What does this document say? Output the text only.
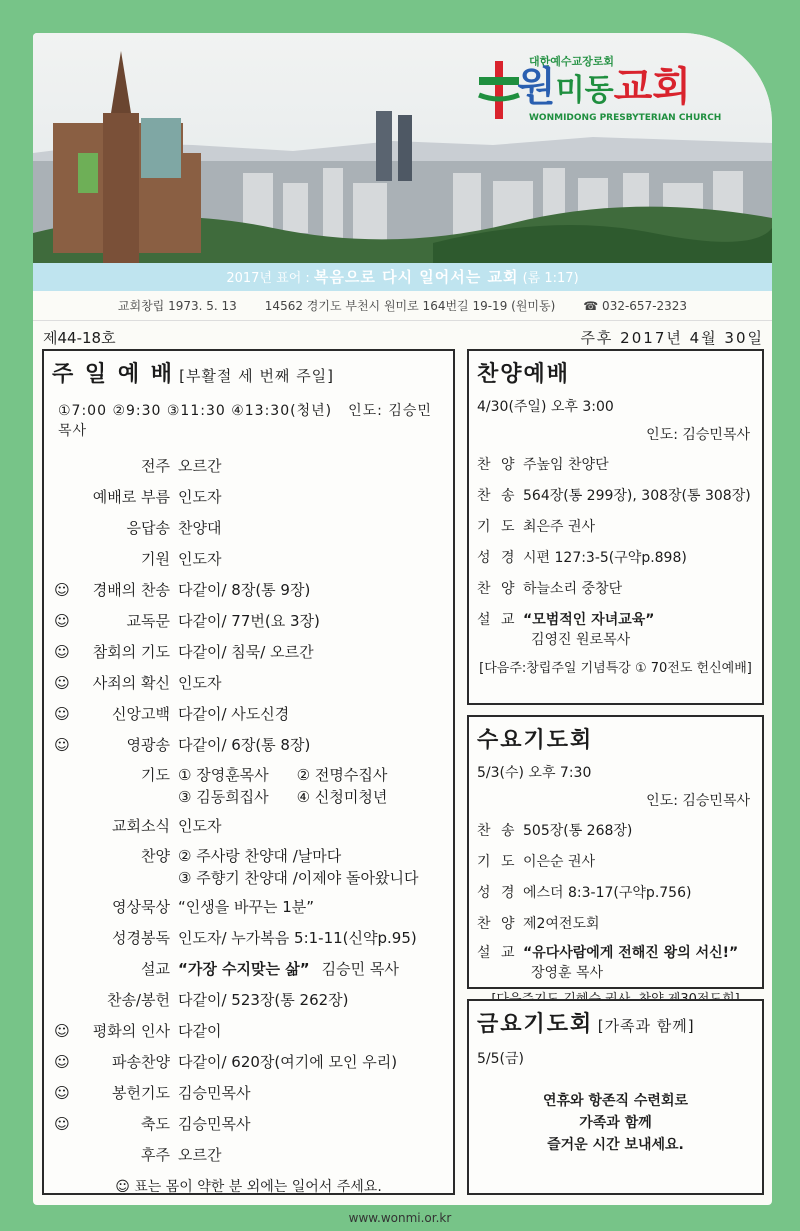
대한예수교장로회
원미동교회
WONMIDONG PRESBYTERIAN CHURCH
2017년 표어 : 복음으로 다시 일어서는 교회 (롬 1:17)
교회창립 1973. 5. 13 14562 경기도 부천시 원미로 164번길 19-19 (원미동) ☎ 032-657-2323
제44-18호	주후 2017년 4월 30일
주 일 예 배 [부활절 세 번째 주일]
①7:00 ②9:30 ③11:30 ④13:30(청년) 인도: 김승민목사
전주 오르간
예배로 부름 인도자
응답송 찬양대
기원 인도자
☺	경배의 찬송 다같이/ 8장(통 9장)
☺	교독문 다같이/ 77번(요 3장)
☺	참회의 기도 다같이/ 침묵/ 오르간
☺	사죄의 확신 인도자
☺	신앙고백 다같이/ 사도신경
☺	영광송 다같이/ 6장(통 8장)
기도 ① 장영훈목사 ② 전명수집사
③ 김동희집사 ④ 신청미청년
교회소식 인도자
찬양 ② 주사랑 찬양대 /날마다
③ 주향기 찬양대 /이제야 돌아왔니다
영상묵상 “인생을 바꾸는 1분”
성경봉독 인도자/ 누가복음 5:1-11(신약p.95)
설교 “가장 수지맞는 삶” 김승민 목사
찬송/봉헌 다같이/ 523장(통 262장)
☺	평화의 인사 다같이
☺	파송찬양 다같이/ 620장(여기에 모인 우리)
☺	봉헌기도 김승민목사
☺	축도 김승민목사
후주 오르간
☺ 표는 몸이 약한 분 외에는 일어서 주세요.
찬양예배
4/30(주일) 오후 3:00
인도: 김승민목사
찬 양 주높임 찬양단
찬 송 564장(통 299장), 308장(통 308장)
기 도 최은주 권사
성 경 시편 127:3-5(구약p.898)
찬 양 하늘소리 중창단
설 교 “모범적인 자녀교육”
김영진 원로목사
[다음주:창립주일 기념특강 ① 70전도 헌신예배]
수요기도회
5/3(수) 오후 7:30
인도: 김승민목사
찬 송 505장(통 268장)
기 도 이은순 권사
성 경 에스더 8:3-17(구약p.756)
찬 양 제2여전도회
설 교 “유다사람에게 전해진 왕의 서신!”
장영훈 목사
금요기도회 [가족과 함께]
5/5(금)
연휴와 항존직 수련회로
가족과 함께
즐거운 시간 보내세요.
www.wonmi.or.kr
